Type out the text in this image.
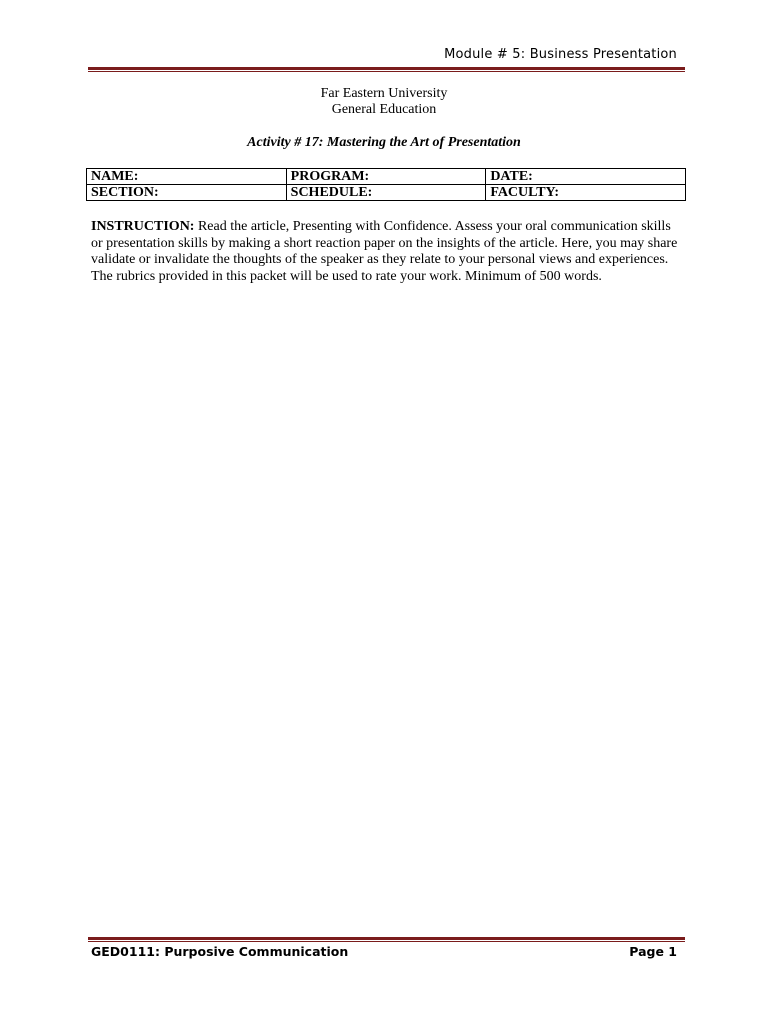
Module # 5: Business Presentation
Far Eastern University
General Education
Activity # 17: Mastering the Art of Presentation
NAME:	PROGRAM:	DATE:
SECTION:	SCHEDULE:	FACULTY:
INSTRUCTION: Read the article, Presenting with Confidence. Assess your oral communication skills or presentation skills by making a short reaction paper on the insights of the article. Here, you may share validate or invalidate the thoughts of the speaker as they relate to your personal views and experiences. The rubrics provided in this packet will be used to rate your work. Minimum of 500 words.
GED0111: Purposive Communication	Page 1
